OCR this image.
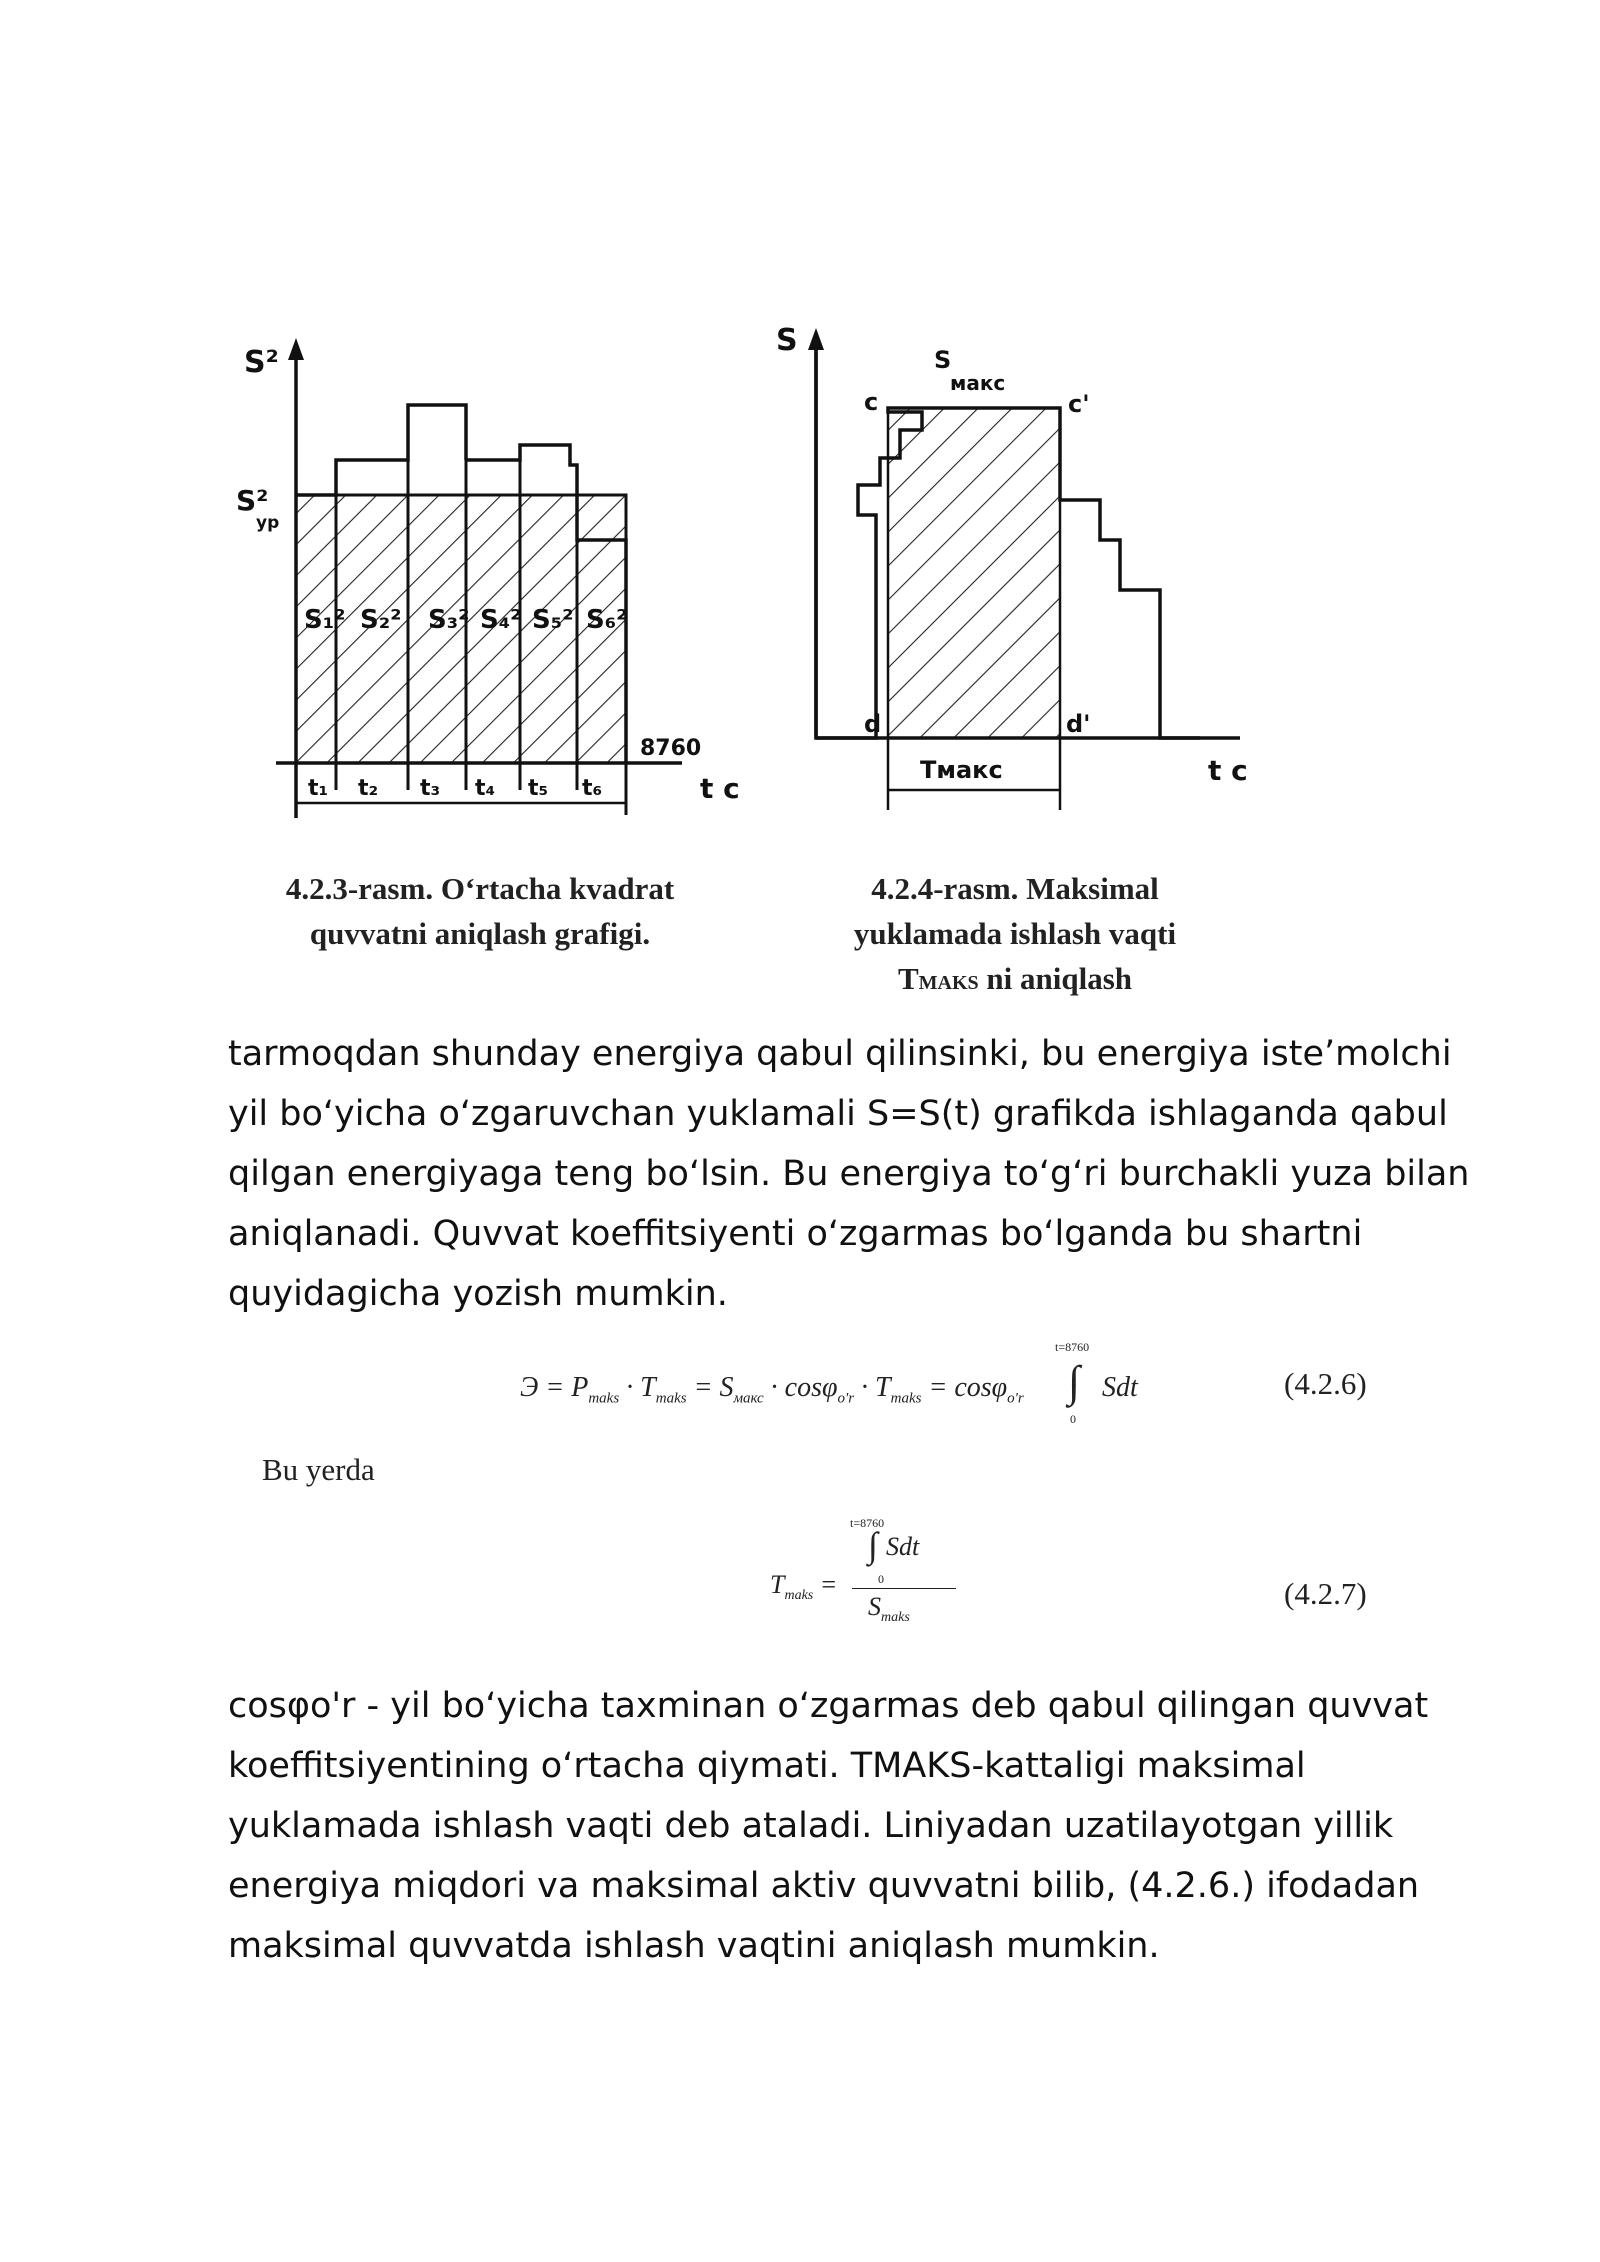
S²
S²
уp
S₁² S₂² S₃² S₄² S₅² S₆²
t₁ t₂ t₃ t₄ t₅ t₆
8760
t c
S
S
макс
c	c'
d	d'
Tмакс	t c
4.2.3-rasm. O‘rtacha kvadrat
quvvatni aniqlash grafigi.
4.2.4-rasm. Maksimal
yuklamada ishlash vaqti
TMAKS ni aniqlash
tarmoqdan shunday energiya qabul qilinsinki, bu energiya iste’molchi
yil bo‘yicha o‘zgaruvchan yuklamali S=S(t) grafikda ishlaganda qabul
qilgan energiyaga teng bo‘lsin. Bu energiya to‘g‘ri burchakli yuza bilan
aniqlanadi. Quvvat koeffitsiyenti o‘zgarmas bo‘lganda bu shartni
quyidagicha yozish mumkin.
$Э = P_{maks} \cdot T_{maks} = S_{макс} \cdot \cos\varphi_{o'r} \cdot T_{maks} = \cos\varphi_{o'r}$ ∫
t=8760
0
Sdt	(4.2.6)
Bu yerda
$T_{maks}$ =
t=8760
∫ Sdt
0
$S_{maks}$
(4.2.7)
cosφo'r - yil bo‘yicha taxminan o‘zgarmas deb qabul qilingan quvvat
koeffitsiyentining o‘rtacha qiymati. TMAKS-kattaligi maksimal
yuklamada ishlash vaqti deb ataladi. Liniyadan uzatilayotgan yillik
energiya miqdori va maksimal aktiv quvvatni bilib, (4.2.6.) ifodadan
maksimal quvvatda ishlash vaqtini aniqlash mumkin.
